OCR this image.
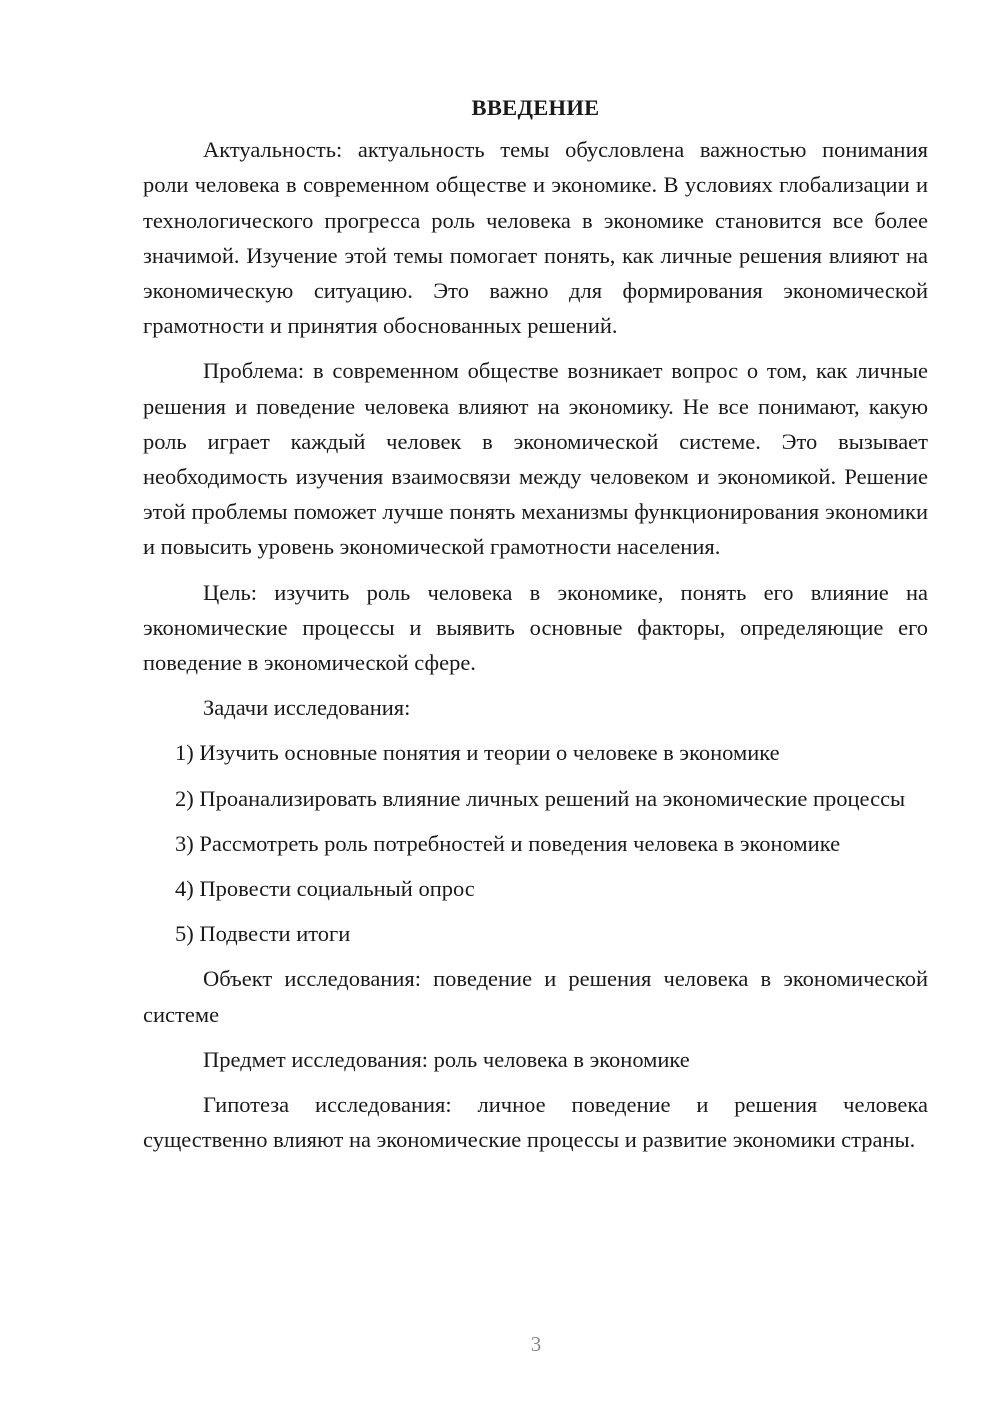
ВВЕДЕНИЕ

Актуальность: актуальность темы обусловлена важностью понимания роли человека в современном обществе и экономике. В условиях глобализации и технологического прогресса роль человека в экономике становится все более значимой. Изучение этой темы помогает понять, как личные решения влияют на экономическую ситуацию. Это важно для формирования экономической грамотности и принятия обоснованных решений.

Проблема: в современном обществе возникает вопрос о том, как личные решения и поведение человека влияют на экономику. Не все понимают, какую роль играет каждый человек в экономической системе. Это вызывает необходимость изучения взаимосвязи между человеком и экономикой. Решение этой проблемы поможет лучше понять механизмы функционирования экономики и повысить уровень экономической грамотности населения.

Цель: изучить роль человека в экономике, понять его влияние на экономические процессы и выявить основные факторы, определяющие его поведение в экономической сфере.

Задачи исследования:

1) Изучить основные понятия и теории о человеке в экономике

2) Проанализировать влияние личных решений на экономические процессы

3) Рассмотреть роль потребностей и поведения человека в экономике

4) Провести социальный опрос

5) Подвести итоги

Объект исследования: поведение и решения человека в экономической системе

Предмет исследования: роль человека в экономике

Гипотеза исследования: личное поведение и решения человека существенно влияют на экономические процессы и развитие экономики страны.

3
